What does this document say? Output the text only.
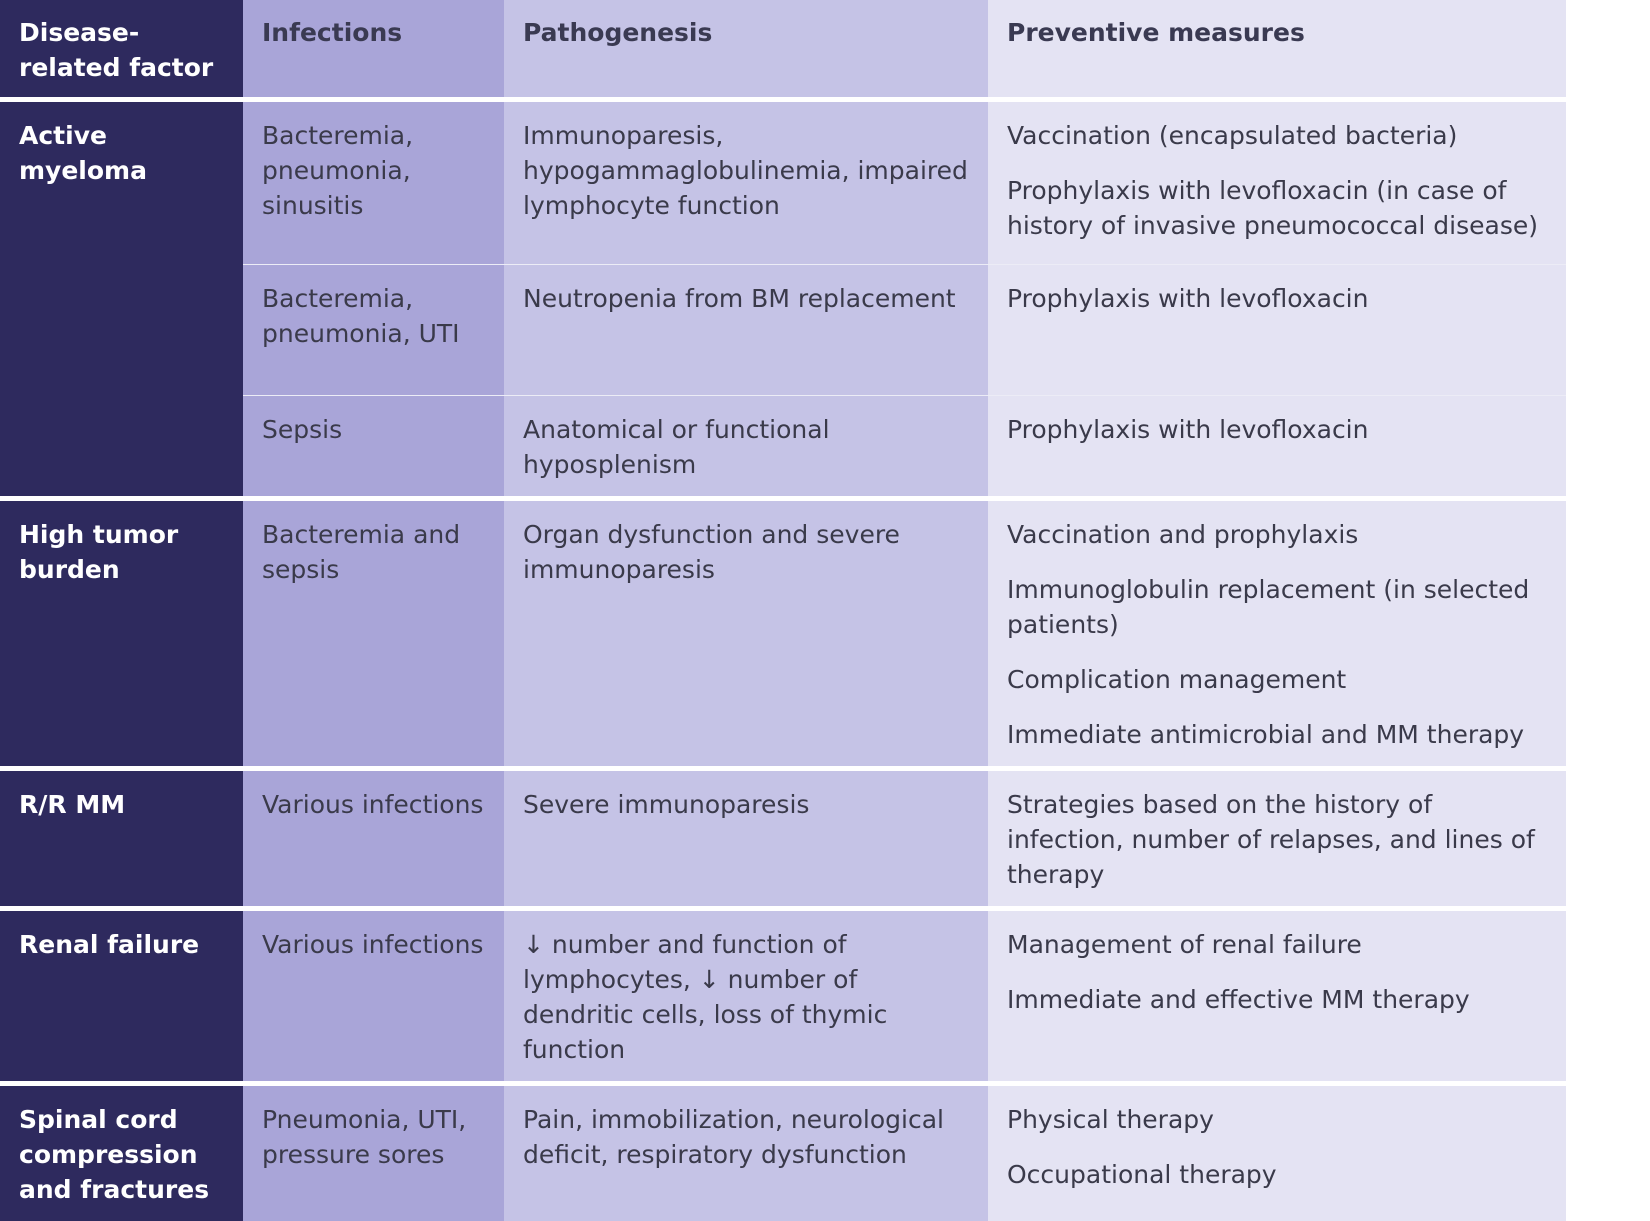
Disease-related factor	Infections	Pathogenesis	Preventive measures
Active myeloma	Bacteremia, pneumonia, sinusitis	Immunoparesis, hypogammaglobulinemia, impaired lymphocyte function	Vaccination (encapsulated bacteria)
Prophylaxis with levofloxacin (in case of history of invasive pneumococcal disease)

	Bacteremia, pneumonia, UTI	Neutropenia from BM replacement	Prophylaxis with levofloxacin

	Sepsis	Anatomical or functional hyposplenism	Prophylaxis with levofloxacin

High tumor burden	Bacteremia and sepsis	Organ dysfunction and severe immunoparesis	Vaccination and prophylaxis
Immunoglobulin replacement (in selected patients)
Complication management
Immediate antimicrobial and MM therapy

R/R MM	Various infections	Severe immunoparesis	Strategies based on the history of infection, number of relapses, and lines of therapy

Renal failure	Various infections	↓ number and function of lymphocytes, ↓ number of dendritic cells, loss of thymic function	Management of renal failure
Immediate and effective MM therapy

Spinal cord compression and fractures	Pneumonia, UTI, pressure sores	Pain, immobilization, neurological deficit, respiratory dysfunction	Physical therapy
Occupational therapy
